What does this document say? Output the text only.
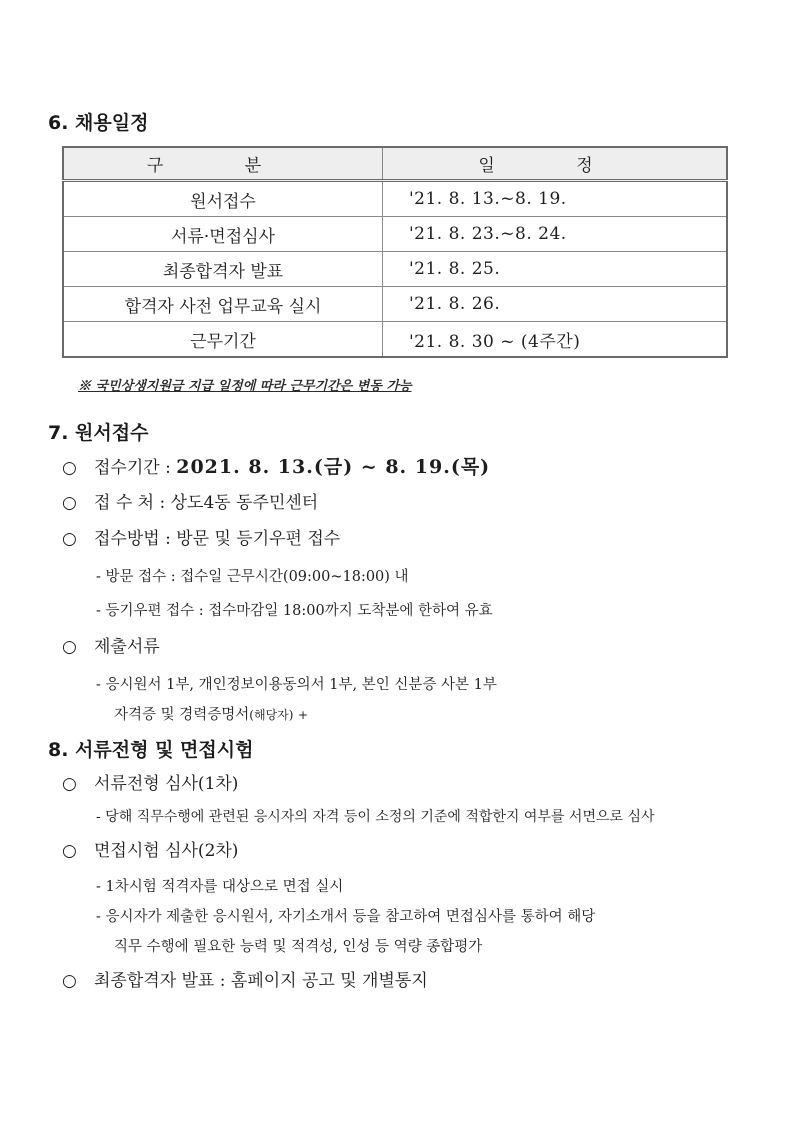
6. 채용일정
구 분	일 정
원서접수	'21. 8. 13.~8. 19.
서류·면접심사	'21. 8. 23.~8. 24.
최종합격자 발표	'21. 8. 25.
합격자 사전 업무교육 실시	'21. 8. 26.
근무기간	'21. 8. 30 ~ (4주간)
※ 국민상생지원금 지급 일정에 따라 근무기간은 변동 가능
7. 원서접수
○ 접수기간 : 2021. 8. 13.(금) ~ 8. 19.(목)
○ 접 수 처 : 상도4동 동주민센터
○ 접수방법 : 방문 및 등기우편 접수
- 방문 접수 : 접수일 근무시간(09:00~18:00) 내
- 등기우편 접수 : 접수마감일 18:00까지 도착분에 한하여 유효
○ 제출서류
- 응시원서 1부, 개인정보이용동의서 1부, 본인 신분증 사본 1부
자격증 및 경력증명서(해당자) +
8. 서류전형 및 면접시험
○ 서류전형 심사(1차)
- 당해 직무수행에 관련된 응시자의 자격 등이 소정의 기준에 적합한지 여부를 서면으로 심사
○ 면접시험 심사(2차)
- 1차시험 적격자를 대상으로 면접 실시
- 응시자가 제출한 응시원서, 자기소개서 등을 참고하여 면접심사를 통하여 해당
직무 수행에 필요한 능력 및 적격성, 인성 등 역량 종합평가
○ 최종합격자 발표 : 홈페이지 공고 및 개별통지
